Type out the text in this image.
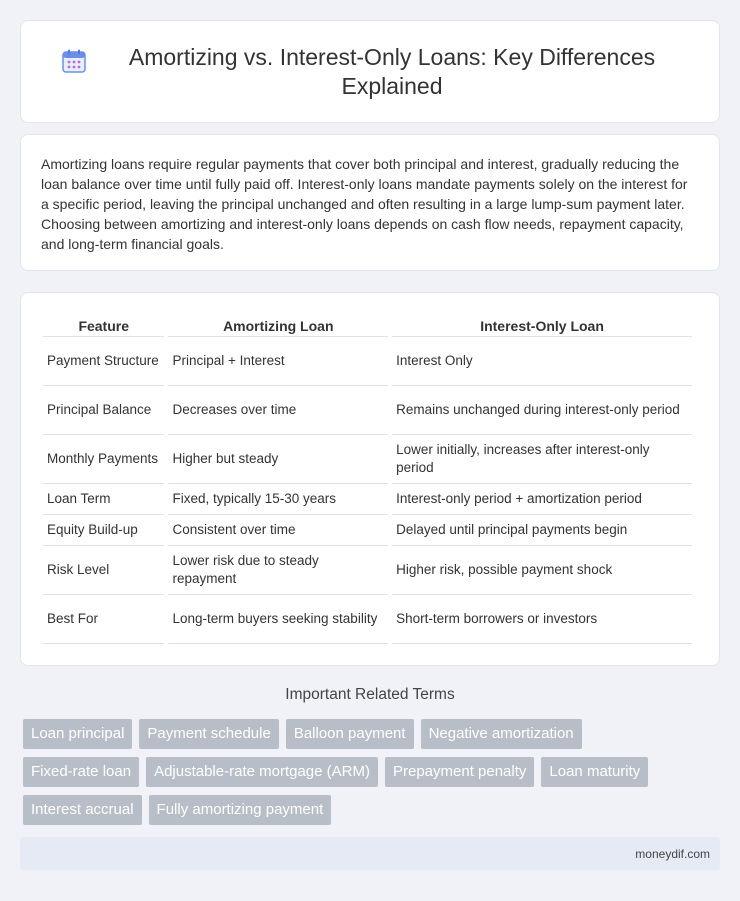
Amortizing vs. Interest-Only Loans: Key Differences Explained

Amortizing loans require regular payments that cover both principal and interest, gradually reducing the loan balance over time until fully paid off. Interest-only loans mandate payments solely on the interest for a specific period, leaving the principal unchanged and often resulting in a large lump-sum payment later. Choosing between amortizing and interest-only loans depends on cash flow needs, repayment capacity, and long-term financial goals.

Feature	Amortizing Loan	Interest-Only Loan
Payment Structure	Principal + Interest	Interest Only
Principal Balance	Decreases over time	Remains unchanged during interest-only period
Monthly Payments	Higher but steady	Lower initially, increases after interest-only period
Loan Term	Fixed, typically 15-30 years	Interest-only period + amortization period
Equity Build-up	Consistent over time	Delayed until principal payments begin
Risk Level	Lower risk due to steady repayment	Higher risk, possible payment shock
Best For	Long-term buyers seeking stability	Short-term borrowers or investors
Important Related Terms
Loan principal	Payment schedule	Balloon payment	Negative amortization
Fixed-rate loan	Adjustable-rate mortgage (ARM)	Prepayment penalty	Loan maturity
Interest accrual	Fully amortizing payment
moneydif.com
